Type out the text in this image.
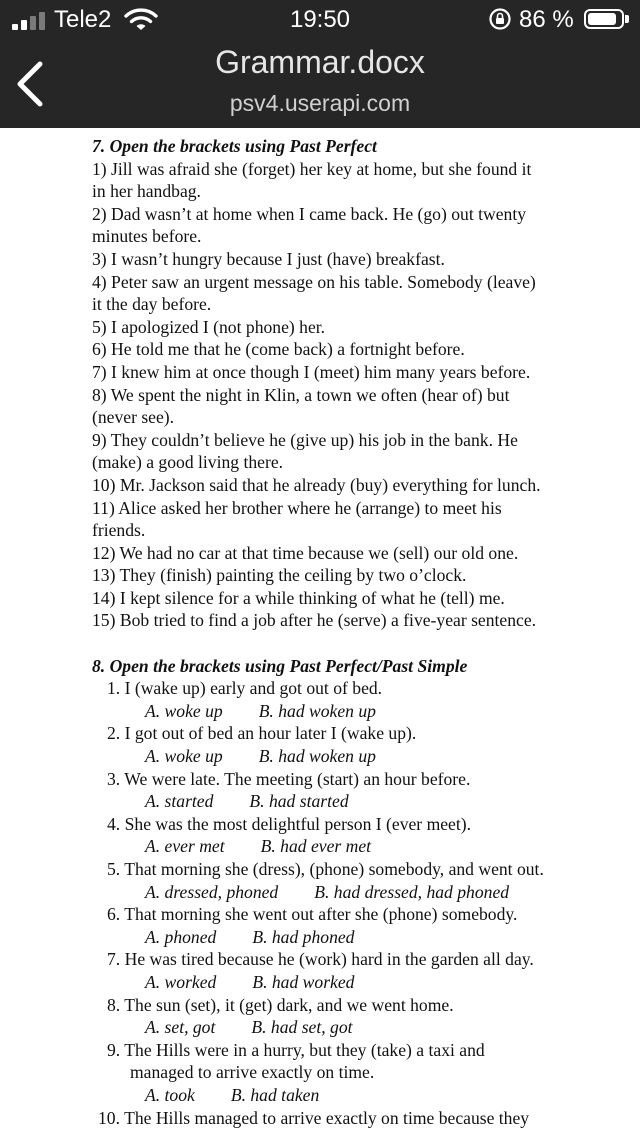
Tele2	19:50	86 %
Grammar.docx
psv4.userapi.com
7. Open the brackets using Past Perfect
1) Jill was afraid she (forget) her key at home, but she found it
in her handbag.
2) Dad wasn’t at home when I came back. He (go) out twenty
minutes before.
3) I wasn’t hungry because I just (have) breakfast.
4) Peter saw an urgent message on his table. Somebody (leave)
it the day before.
5) I apologized I (not phone) her.
6) He told me that he (come back) a fortnight before.
7) I knew him at once though I (meet) him many years before.
8) We spent the night in Klin, a town we often (hear of) but
(never see).
9) They couldn’t believe he (give up) his job in the bank. He
(make) a good living there.
10) Mr. Jackson said that he already (buy) everything for lunch.
11) Alice asked her brother where he (arrange) to meet his
friends.
12) We had no car at that time because we (sell) our old one.
13) They (finish) painting the ceiling by two o’clock.
14) I kept silence for a while thinking of what he (tell) me.
15) Bob tried to find a job after he (serve) a five-year sentence.
8. Open the brackets using Past Perfect/Past Simple
1. I (wake up) early and got out of bed.
A. woke up B. had woken up
2. I got out of bed an hour later I (wake up).
A. woke up B. had woken up
3. We were late. The meeting (start) an hour before.
A. started B. had started
4. She was the most delightful person I (ever meet).
A. ever met B. had ever met
5. That morning she (dress), (phone) somebody, and went out.
A. dressed, phoned B. had dressed, had phoned
6. That morning she went out after she (phone) somebody.
A. phoned B. had phoned
7. He was tired because he (work) hard in the garden all day.
A. worked B. had worked
8. The sun (set), it (get) dark, and we went home.
A. set, got B. had set, got
9. The Hills were in a hurry, but they (take) a taxi and
managed to arrive exactly on time.
A. took B. had taken
10. The Hills managed to arrive exactly on time because they
